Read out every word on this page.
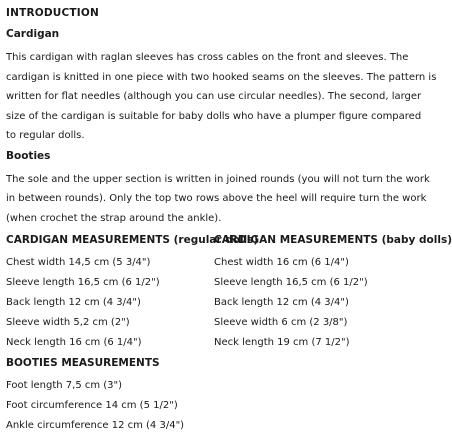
INTRODUCTION
Cardigan
This cardigan with raglan sleeves has cross cables on the front and sleeves. The
cardigan is knitted in one piece with two hooked seams on the sleeves. The pattern is
written for flat needles (although you can use circular needles). The second, larger
size of the cardigan is suitable for baby dolls who have a plumper figure compared
to regular dolls.
Booties
The sole and the upper section is written in joined rounds (you will not turn the work
in between rounds). Only the top two rows above the heel will require turn the work
(when crochet the strap around the ankle).
CARDIGAN MEASUREMENTS (regular dolls)
Chest width 14,5 cm (5 3/4")
Sleeve length 16,5 cm (6 1/2")
Back length 12 cm (4 3/4")
Sleeve width 5,2 cm (2")
Neck length 16 cm (6 1/4")
CARDIGAN MEASUREMENTS (baby dolls)
Chest width 16 cm (6 1/4")
Sleeve length 16,5 cm (6 1/2")
Back length 12 cm (4 3/4")
Sleeve width 6 cm (2 3/8")
Neck length 19 cm (7 1/2")
BOOTIES MEASUREMENTS
Foot length 7,5 cm (3")
Foot circumference 14 cm (5 1/2")
Ankle circumference 12 cm (4 3/4")
